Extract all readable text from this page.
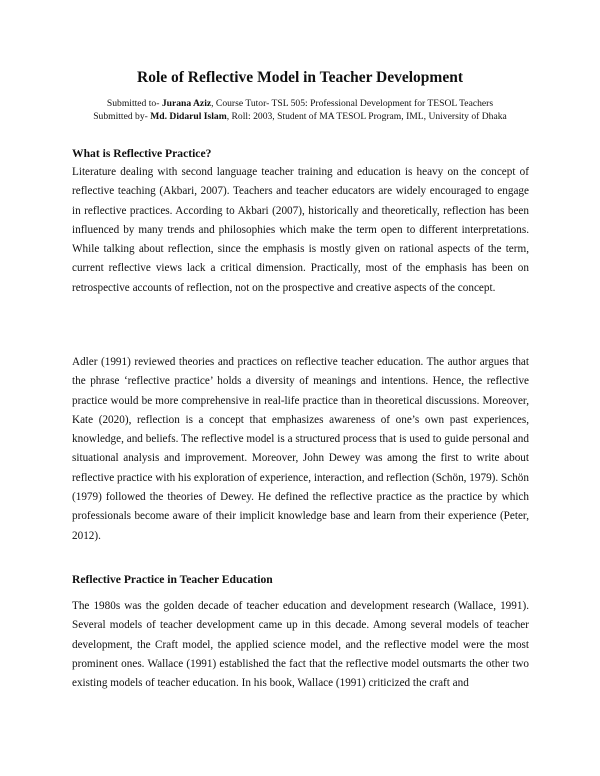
Role of Reflective Model in Teacher Development

Submitted to- Jurana Aziz, Course Tutor- TSL 505: Professional Development for TESOL Teachers

Submitted by- Md. Didarul Islam, Roll: 2003, Student of MA TESOL Program, IML, University of Dhaka

What is Reflective Practice?

Literature dealing with second language teacher training and education is heavy on the concept of reflective teaching (Akbari, 2007). Teachers and teacher educators are widely encouraged to engage in reflective practices. According to Akbari (2007), historically and theoretically, reflection has been influenced by many trends and philosophies which make the term open to different interpretations. While talking about reflection, since the emphasis is mostly given on rational aspects of the term, current reflective views lack a critical dimension. Practically, most of the emphasis has been on retrospective accounts of reflection, not on the prospective and creative aspects of the concept.

Adler (1991) reviewed theories and practices on reflective teacher education. The author argues that the phrase ‘reflective practice’ holds a diversity of meanings and intentions. Hence, the reflective practice would be more comprehensive in real-life practice than in theoretical discussions. Moreover, Kate (2020), reflection is a concept that emphasizes awareness of one’s own past experiences, knowledge, and beliefs. The reflective model is a structured process that is used to guide personal and situational analysis and improvement. Moreover, John Dewey was among the first to write about reflective practice with his exploration of experience, interaction, and reflection (Schön, 1979). Schön (1979) followed the theories of Dewey. He defined the reflective practice as the practice by which professionals become aware of their implicit knowledge base and learn from their experience (Peter, 2012).

Reflective Practice in Teacher Education

The 1980s was the golden decade of teacher education and development research (Wallace, 1991). Several models of teacher development came up in this decade. Among several models of teacher development, the Craft model, the applied science model, and the reflective model were the most prominent ones. Wallace (1991) established the fact that the reflective model outsmarts the other two existing models of teacher education. In his book, Wallace (1991) criticized the craft and
